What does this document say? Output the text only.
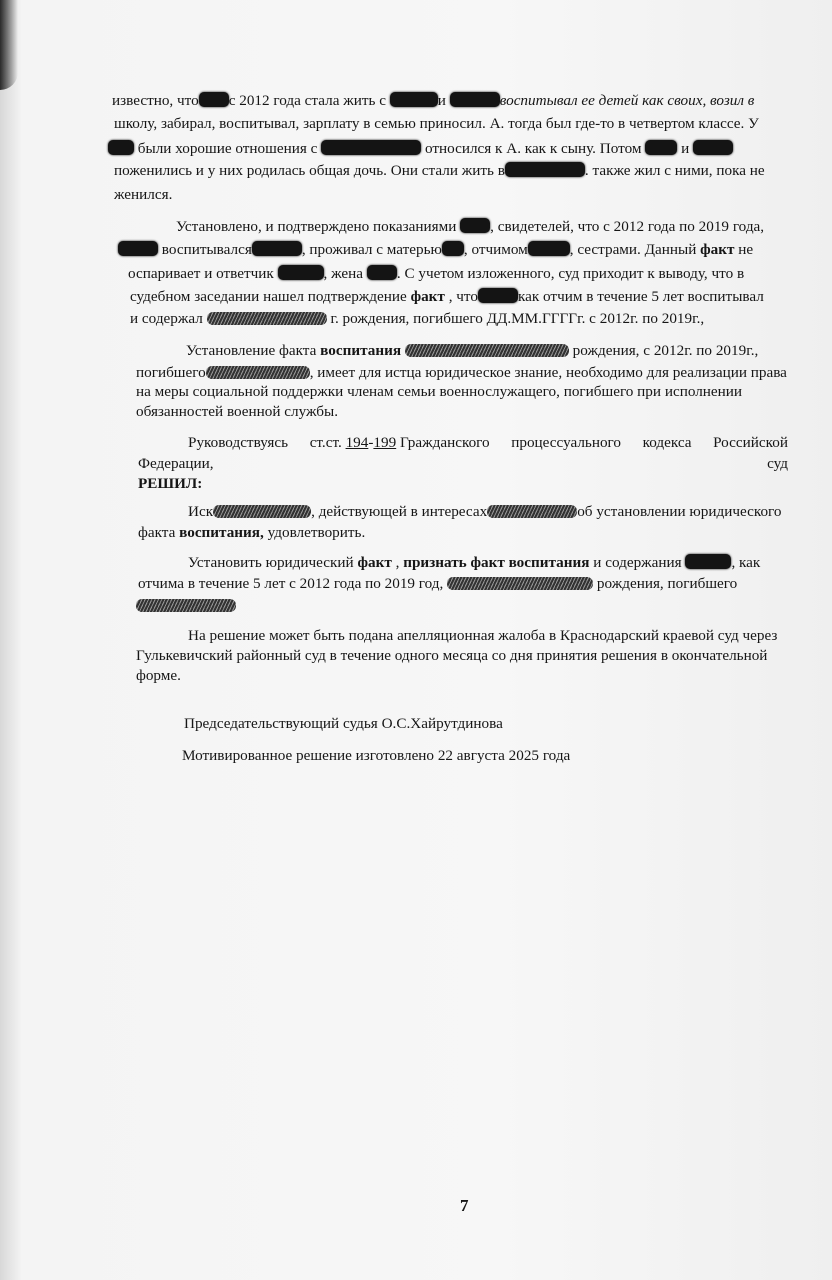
известно, что с 2012 года стала жить с	и	воспитывал ее детей как своих, возил в
школу, забирал, воспитывал, зарплату в семью приносил. А. тогда был где-то в четвертом классе. У
были хорошие отношения с	относился к А. как к сыну. Потом	и
поженились и у них родилась общая дочь. Они стали жить в	. также жил с ними, пока не
женился.
Установлено, и подтверждено показаниями , свидетелей, что с 2012 года по 2019 года,
воспитывался	, проживал с матерью , отчимом	, сестрами. Данный факт не
оспаривает и ответчик	, жена . С учетом изложенного, суд приходит к выводу, что в
судебном заседании нашел подтверждение факт , что	как отчим в течение 5 лет воспитывал
и содержал	г. рождения, погибшего ДД.ММ.ГГГГг. с 2012г. по 2019г.,
Установление факта воспитания	рождения, с 2012г. по 2019г.,
погибшего	, имеет для истца юридическое знание, необходимо для реализации права
на меры социальной поддержки членам семьи военнослужащего, погибшего при исполнении
обязанностей военной службы.
Руководствуясь ст.ст. 194-199 Гражданского процессуального кодекса Российской
Федерации,	суд
РЕШИЛ:
Иск	, действующей в интересах	об установлении юридического
факта воспитания, удовлетворить.
Установить юридический факт , признать факт воспитания и содержания	, как
отчима в течение 5 лет с 2012 года по 2019 год,	рождения, погибшего
На решение может быть подана апелляционная жалоба в Краснодарский краевой суд через
Гулькевичский районный суд в течение одного месяца со дня принятия решения в окончательной
форме.
Председательствующий судья О.С.Хайрутдинова
Мотивированное решение изготовлено 22 августа 2025 года
7
